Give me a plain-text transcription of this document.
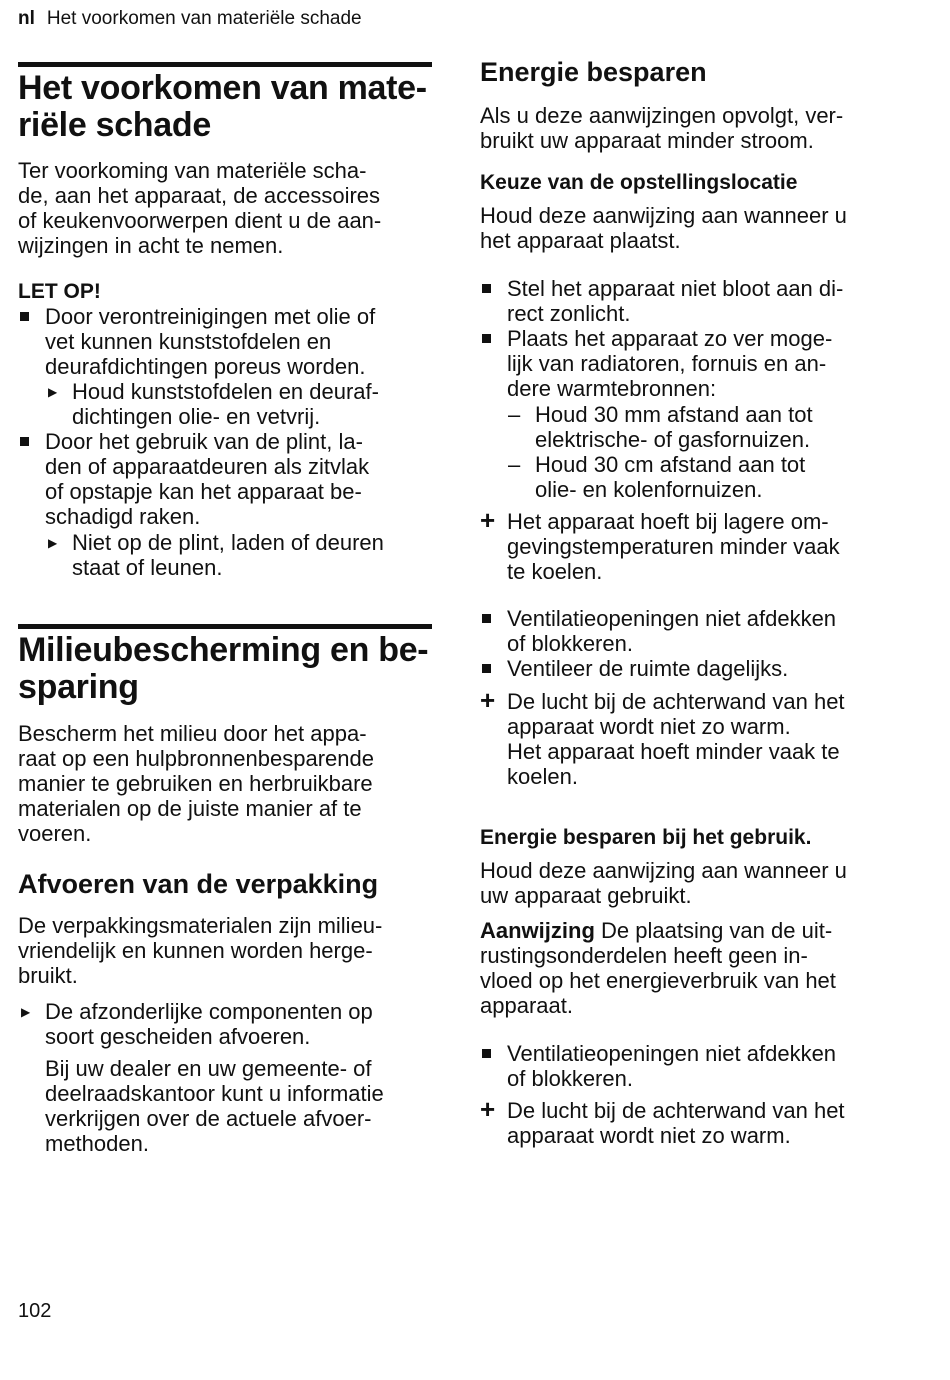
nl Het voorkomen van materiële schade
Het voorkomen van mate-
riële schade

Ter voorkoming van materiële scha-
de, aan het apparaat, de accessoires
of keukenvoorwerpen dient u de aan-
wijzingen in acht te nemen.

LET OP!
Door verontreinigingen met olie of
vet kunnen kunststofdelen en
deurafdichtingen poreus worden.
▶ Houd kunststofdelen en deuraf-
dichtingen olie- en vetvrij.
Door het gebruik van de plint, la-
den of apparaatdeuren als zitvlak
of opstapje kan het apparaat be-
schadigd raken.
▶ Niet op de plint, laden of deuren
staat of leunen.
Milieubescherming en be-
sparing

Bescherm het milieu door het appa-
raat op een hulpbronnenbesparende
manier te gebruiken en herbruikbare
materialen op de juiste manier af te
voeren.

Afvoeren van de verpakking

De verpakkingsmaterialen zijn milieu-
vriendelijk en kunnen worden herge-
bruikt.

▶ De afzonderlijke componenten op
soort gescheiden afvoeren.

Bij uw dealer en uw gemeente- of
deelraadskantoor kunt u informatie
verkrijgen over de actuele afvoer-
methoden.

Energie besparen

Als u deze aanwijzingen opvolgt, ver-
bruikt uw apparaat minder stroom.

Keuze van de opstellingslocatie

Houd deze aanwijzing aan wanneer u
het apparaat plaatst.

Stel het apparaat niet bloot aan di-
rect zonlicht.
Plaats het apparaat zo ver moge-
lijk van radiatoren, fornuis en an-
dere warmtebronnen:
– Houd 30 mm afstand aan tot
elektrische- of gasfornuizen.
– Houd 30 cm afstand aan tot
olie- en kolenfornuizen.
+ Het apparaat hoeft bij lagere om-
gevingstemperaturen minder vaak
te koelen.
Ventilatieopeningen niet afdekken
of blokkeren.
Ventileer de ruimte dagelijks.
+ De lucht bij de achterwand van het
apparaat wordt niet zo warm.
Het apparaat hoeft minder vaak te
koelen.
Energie besparen bij het gebruik.

Houd deze aanwijzing aan wanneer u
uw apparaat gebruikt.

Aanwijzing De plaatsing van de uit-
rustingsonderdelen heeft geen in-
vloed op het energieverbruik van het
apparaat.

Ventilatieopeningen niet afdekken
of blokkeren.
+ De lucht bij de achterwand van het
apparaat wordt niet zo warm.
102
